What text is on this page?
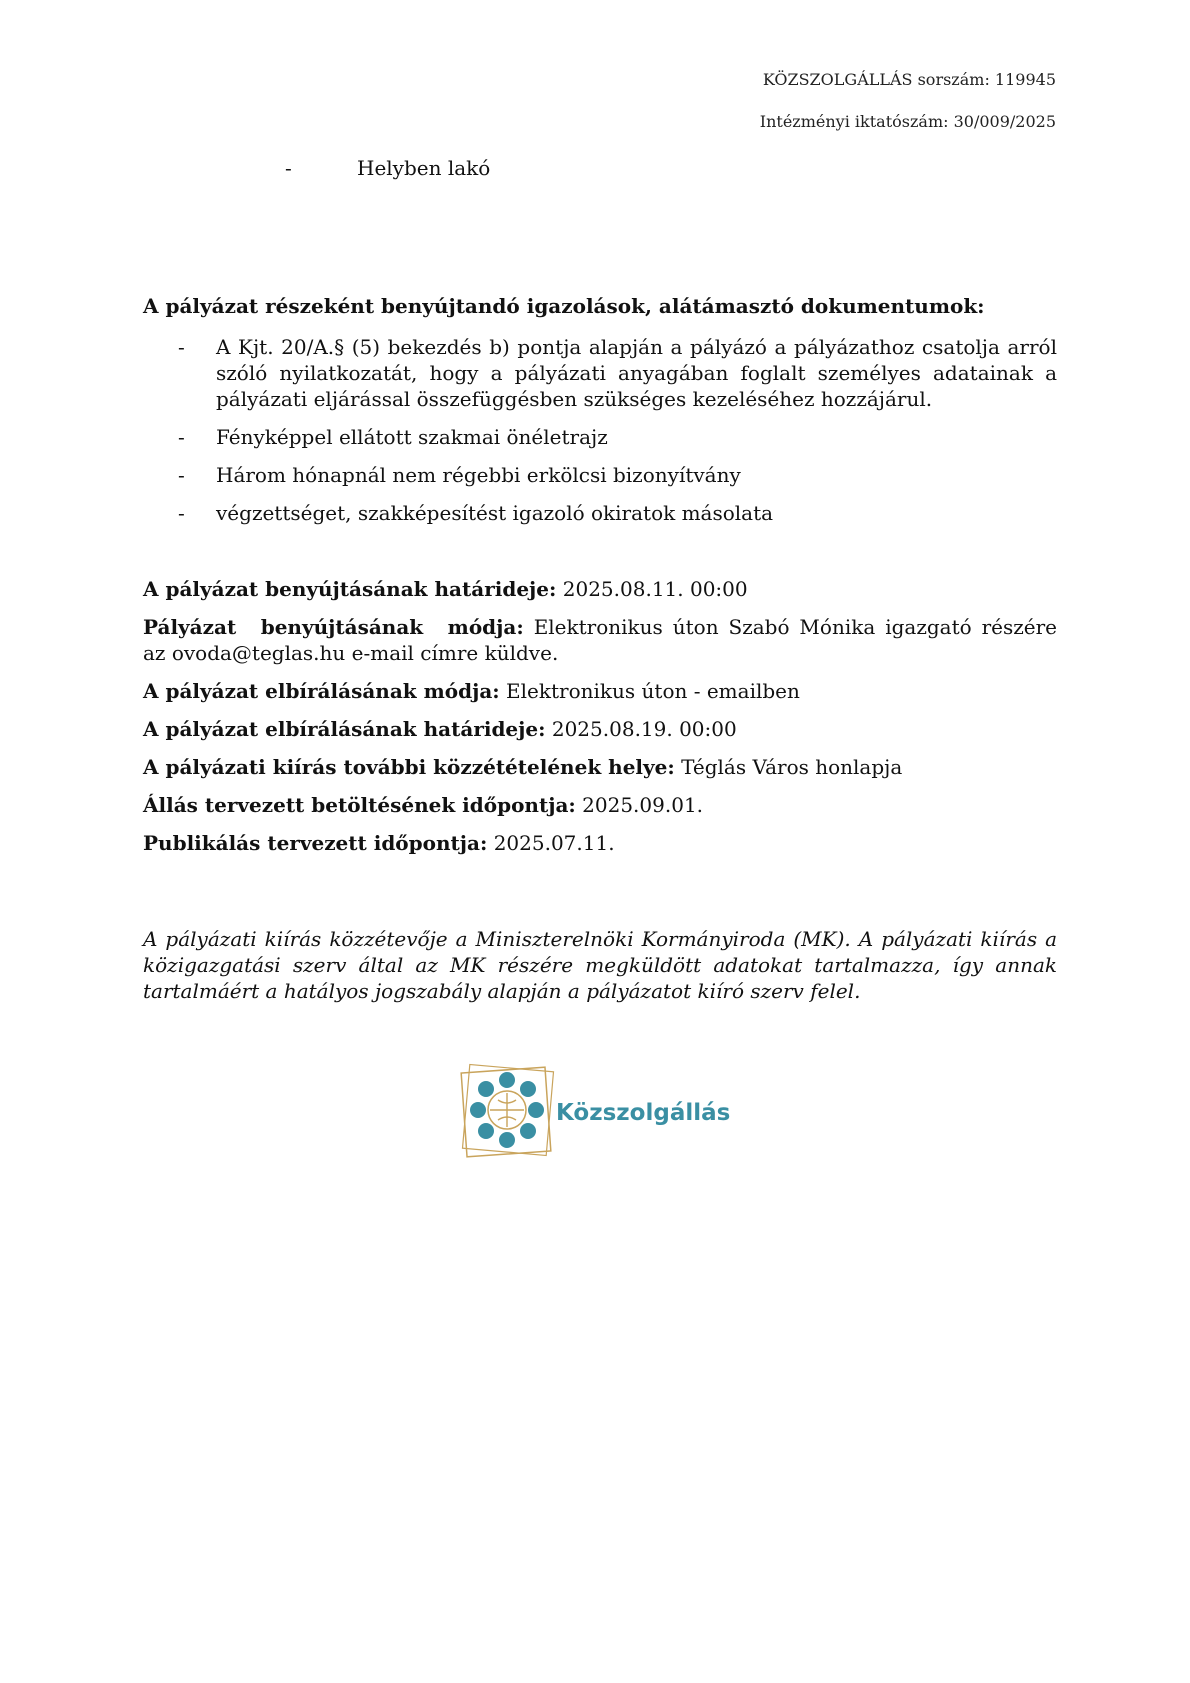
KÖZSZOLGÁLLÁS sorszám: 119945
Intézményi iktatószám: 30/009/2025
-	Helyben lakó
A pályázat részeként benyújtandó igazolások, alátámasztó dokumentumok:
- A Kjt. 20/A.§ (5) bekezdés b) pontja alapján a pályázó a pályázathoz csatolja arról szóló nyilatkozatát, hogy a pályázati anyagában foglalt személyes adatainak a pályázati eljárással összefüggésben szükséges kezeléséhez hozzájárul.
- Fényképpel ellátott szakmai önéletrajz
- Három hónapnál nem régebbi erkölcsi bizonyítvány
- végzettséget, szakképesítést igazoló okiratok másolata
A pályázat benyújtásának határideje: 2025.08.11. 00:00
Pályázat benyújtásának módja: Elektronikus úton Szabó Mónika igazgató részére az ovoda@teglas.hu e-mail címre küldve.
A pályázat elbírálásának módja: Elektronikus úton - emailben
A pályázat elbírálásának határideje: 2025.08.19. 00:00
A pályázati kiírás további közzétételének helye: Téglás Város honlapja
Állás tervezett betöltésének időpontja: 2025.09.01.
Publikálás tervezett időpontja: 2025.07.11.
A pályázati kiírás közzétevője a Miniszterelnöki Kormányiroda (MK). A pályázati kiírás a közigazgatási szerv által az MK részére megküldött adatokat tartalmazza, így annak tartalmáért a hatályos jogszabály alapján a pályázatot kiíró szerv felel.
Közszolgállás
